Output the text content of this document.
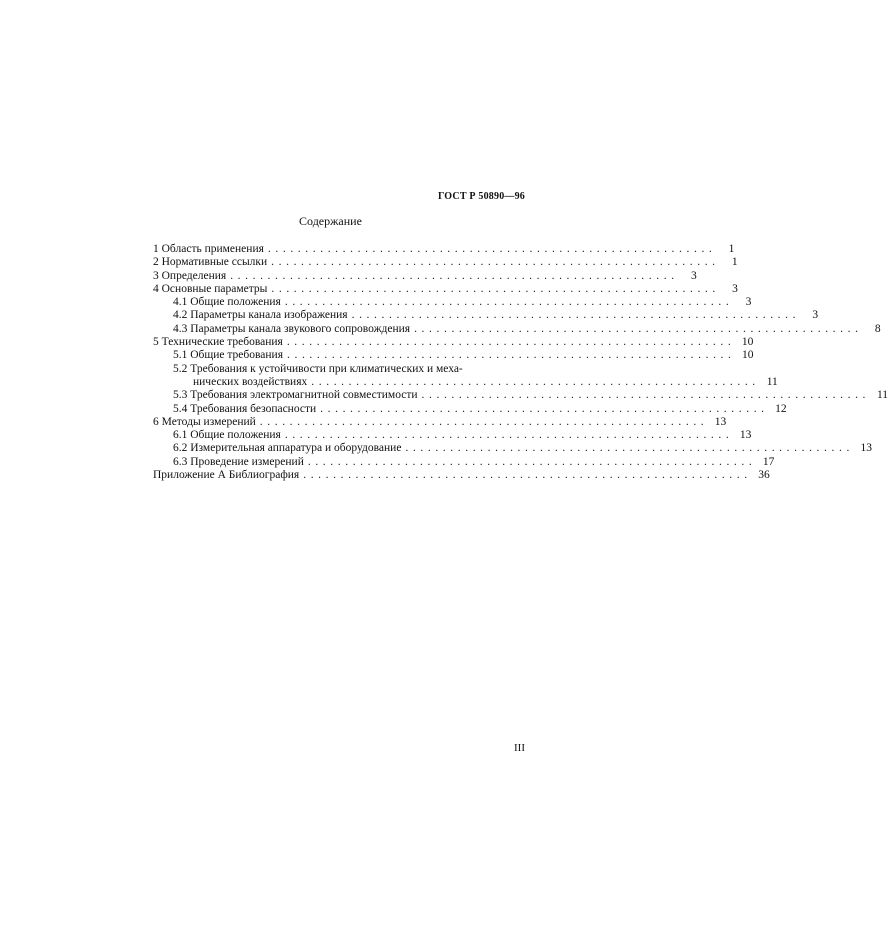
ГОСТ Р 50890—96
Содержание
1 Область применения ............................................................	1
2 Нормативные ссылки ............................................................	1
3 Определения ............................................................	3
4 Основные параметры ............................................................	3
4.1 Общие положения ............................................................	3
4.2 Параметры канала изображения ............................................................	3
4.3 Параметры канала звукового сопровождения ............................................................	8
5 Технические требования ............................................................ 10
5.1 Общие требования ............................................................ 10
5.2 Требования к устойчивости при климатических и меха-
нических воздействиях ............................................................ 11
5.3 Требования электромагнитной совместимости ............................................................ 11
5.4 Требования безопасности ............................................................ 12
6 Методы измерений ............................................................ 13
6.1 Общие положения ............................................................ 13
6.2 Измерительная аппаратура и оборудование ............................................................ 13
6.3 Проведение измерений ............................................................ 17
Приложение А Библиография ............................................................ 36
III
